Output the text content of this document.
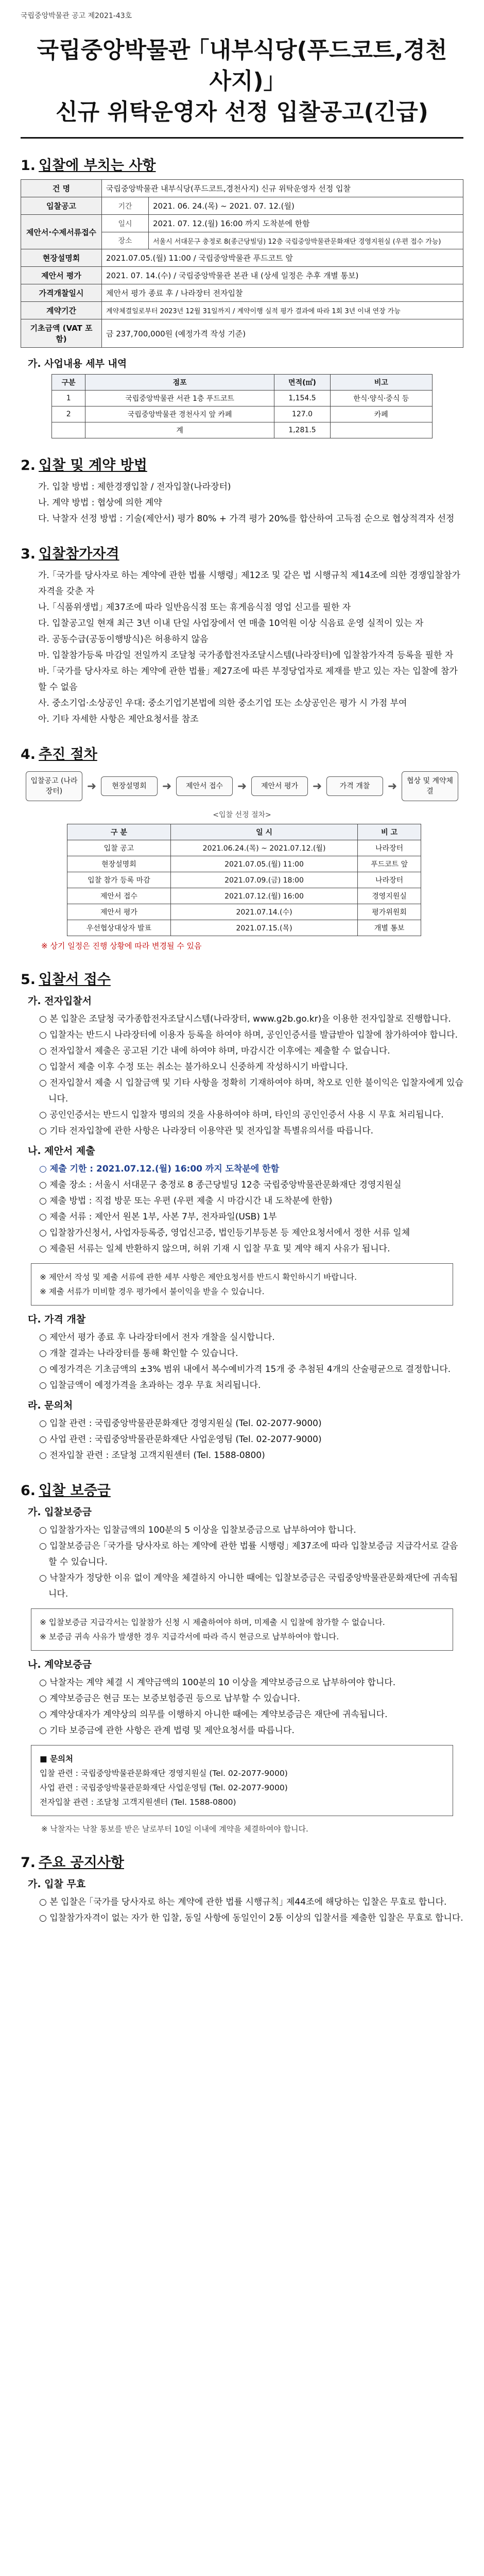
국립중앙박물관 공고 제2021-43호
국립중앙박물관 ｢내부식당(푸드코트,경천사지)｣
신규 위탁운영자 선정 입찰공고(긴급)
1. 입찰에 부치는 사항
건 명	국립중앙박물관 내부식당(푸드코트,경천사지) 신규 위탁운영자 선정 입찰	
입찰공고	기간	2021. 06. 24.(목) ~ 2021. 07. 12.(월)
제안서·수제서류접수	일시	2021. 07. 12.(월) 16:00 까지 도착분에 한함
	장소	서울시 서대문구 충정로 8(종근당빌딩) 12층 국립중앙박물관문화재단 경영지원실 (우편 접수 가능)
현장설명회	2021.07.05.(월) 11:00 / 국립중앙박물관 푸드코트 앞	
제안서 평가	2021. 07. 14.(수) / 국립중앙박물관 본관 내 (상세 일정은 추후 개별 통보)	
가격개찰일시	제안서 평가 종료 후 / 나라장터 전자입찰	
계약기간	계약체결일로부터 2023년 12월 31일까지 / 계약이행 실적 평가 결과에 따라 1회 3년 이내 연장 가능	
기초금액 (VAT 포함)	금 237,700,000원 (예정가격 작성 기준)	

가. 사업내용 세부 내역

구분	점포	면적(㎡)	비고
1	국립중앙박물관 서관 1층 푸드코트	1,154.5	한식·양식·중식 등
2	국립중앙박물관 경천사지 앞 카페	127.0	카페
	계	1,281.5	
2. 입찰 및 계약 방법

가. 입찰 방법 : 제한경쟁입찰 / 전자입찰(나라장터)

나. 계약 방법 : 협상에 의한 계약

다. 낙찰자 선정 방법 : 기술(제안서) 평가 80% + 가격 평가 20%를 합산하여 고득점 순으로 협상적격자 선정

3. 입찰참가자격

가. ｢국가를 당사자로 하는 계약에 관한 법률 시행령｣ 제12조 및 같은 법 시행규칙 제14조에 의한 경쟁입찰참가자격을 갖춘 자

나. ｢식품위생법｣ 제37조에 따라 일반음식점 또는 휴게음식점 영업 신고를 필한 자

다. 입찰공고일 현재 최근 3년 이내 단일 사업장에서 연 매출 10억원 이상 식음료 운영 실적이 있는 자

라. 공동수급(공동이행방식)은 허용하지 않음

마. 입찰참가등록 마감일 전일까지 조달청 국가종합전자조달시스템(나라장터)에 입찰참가자격 등록을 필한 자

바. ｢국가를 당사자로 하는 계약에 관한 법률｣ 제27조에 따른 부정당업자로 제재를 받고 있는 자는 입찰에 참가할 수 없음

사. 중소기업·소상공인 우대: 중소기업기본법에 의한 중소기업 또는 소상공인은 평가 시 가점 부여

아. 기타 자세한 사항은 제안요청서를 참조

4. 추진 절차
입찰공고 (나라장터)	➜	현장설명회	➜	제안서 접수	➜	제안서 평가	➜	가격 개찰	➜	협상 및 계약체결
<입찰 선정 절차>
구 분	일 시	비 고
입찰 공고	2021.06.24.(목) ~ 2021.07.12.(월)	나라장터
현장설명회	2021.07.05.(월) 11:00	푸드코트 앞
입찰 참가 등록 마감	2021.07.09.(금) 18:00	나라장터
제안서 접수	2021.07.12.(월) 16:00	경영지원실
제안서 평가	2021.07.14.(수)	평가위원회
우선협상대상자 발표	2021.07.15.(목)	개별 통보

※ 상기 일정은 진행 상황에 따라 변경될 수 있음

5. 입찰서 접수

가. 전자입찰서

○ 본 입찰은 조달청 국가종합전자조달시스템(나라장터, www.g2b.go.kr)을 이용한 전자입찰로 진행합니다.

○ 입찰자는 반드시 나라장터에 이용자 등록을 하여야 하며, 공인인증서를 발급받아 입찰에 참가하여야 합니다.

○ 전자입찰서 제출은 공고된 기간 내에 하여야 하며, 마감시간 이후에는 제출할 수 없습니다.

○ 입찰서 제출 이후 수정 또는 취소는 불가하오니 신중하게 작성하시기 바랍니다.

○ 전자입찰서 제출 시 입찰금액 및 기타 사항을 정확히 기재하여야 하며, 착오로 인한 불이익은 입찰자에게 있습니다.

○ 공인인증서는 반드시 입찰자 명의의 것을 사용하여야 하며, 타인의 공인인증서 사용 시 무효 처리됩니다.

○ 기타 전자입찰에 관한 사항은 나라장터 이용약관 및 전자입찰 특별유의서를 따릅니다.

나. 제안서 제출

○ 제출 기한 : 2021.07.12.(월) 16:00 까지 도착분에 한함

○ 제출 장소 : 서울시 서대문구 충정로 8 종근당빌딩 12층 국립중앙박물관문화재단 경영지원실

○ 제출 방법 : 직접 방문 또는 우편 (우편 제출 시 마감시간 내 도착분에 한함)

○ 제출 서류 : 제안서 원본 1부, 사본 7부, 전자파일(USB) 1부

○ 입찰참가신청서, 사업자등록증, 영업신고증, 법인등기부등본 등 제안요청서에서 정한 서류 일체

○ 제출된 서류는 일체 반환하지 않으며, 허위 기재 시 입찰 무효 및 계약 해지 사유가 됩니다.

※ 제안서 작성 및 제출 서류에 관한 세부 사항은 제안요청서를 반드시 확인하시기 바랍니다.

※ 제출 서류가 미비할 경우 평가에서 불이익을 받을 수 있습니다.

다. 가격 개찰

○ 제안서 평가 종료 후 나라장터에서 전자 개찰을 실시합니다.

○ 개찰 결과는 나라장터를 통해 확인할 수 있습니다.

○ 예정가격은 기초금액의 ±3% 범위 내에서 복수예비가격 15개 중 추첨된 4개의 산술평균으로 결정합니다.

○ 입찰금액이 예정가격을 초과하는 경우 무효 처리됩니다.

라. 문의처

○ 입찰 관련 : 국립중앙박물관문화재단 경영지원실 (Tel. 02-2077-9000)

○ 사업 관련 : 국립중앙박물관문화재단 사업운영팀 (Tel. 02-2077-9000)

○ 전자입찰 관련 : 조달청 고객지원센터 (Tel. 1588-0800)

6. 입찰 보증금

가. 입찰보증금

○ 입찰참가자는 입찰금액의 100분의 5 이상을 입찰보증금으로 납부하여야 합니다.

○ 입찰보증금은 ｢국가를 당사자로 하는 계약에 관한 법률 시행령｣ 제37조에 따라 입찰보증금 지급각서로 갈음할 수 있습니다.

○ 낙찰자가 정당한 이유 없이 계약을 체결하지 아니한 때에는 입찰보증금은 국립중앙박물관문화재단에 귀속됩니다.

※ 입찰보증금 지급각서는 입찰참가 신청 시 제출하여야 하며, 미제출 시 입찰에 참가할 수 없습니다.

※ 보증금 귀속 사유가 발생한 경우 지급각서에 따라 즉시 현금으로 납부하여야 합니다.

나. 계약보증금

○ 낙찰자는 계약 체결 시 계약금액의 100분의 10 이상을 계약보증금으로 납부하여야 합니다.

○ 계약보증금은 현금 또는 보증보험증권 등으로 납부할 수 있습니다.

○ 계약상대자가 계약상의 의무를 이행하지 아니한 때에는 계약보증금은 재단에 귀속됩니다.

○ 기타 보증금에 관한 사항은 관계 법령 및 제안요청서를 따릅니다.

■ 문의처

입찰 관련 : 국립중앙박물관문화재단 경영지원실 (Tel. 02-2077-9000)

사업 관련 : 국립중앙박물관문화재단 사업운영팀 (Tel. 02-2077-9000)

전자입찰 관련 : 조달청 고객지원센터 (Tel. 1588-0800)

※ 낙찰자는 낙찰 통보를 받은 날로부터 10일 이내에 계약을 체결하여야 합니다.

7. 주요 공지사항

가. 입찰 무효

○ 본 입찰은 ｢국가를 당사자로 하는 계약에 관한 법률 시행규칙｣ 제44조에 해당하는 입찰은 무효로 합니다.

○ 입찰참가자격이 없는 자가 한 입찰, 동일 사항에 동일인이 2통 이상의 입찰서를 제출한 입찰은 무효로 합니다.
